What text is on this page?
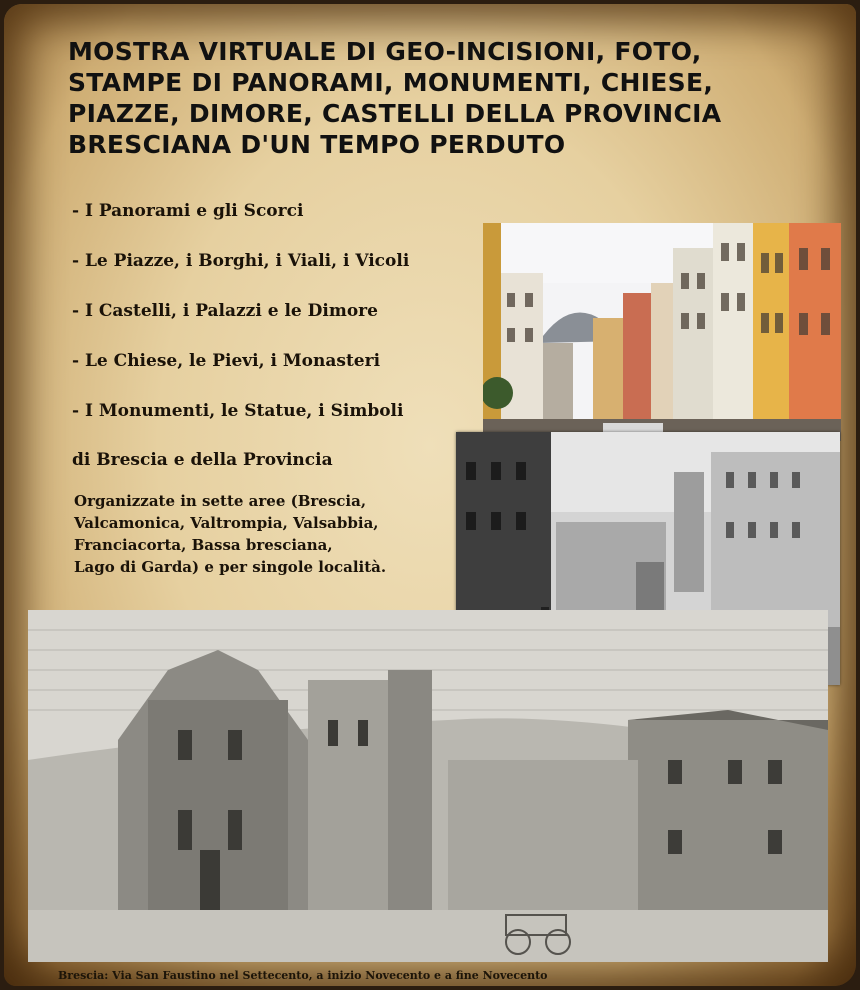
MOSTRA VIRTUALE DI GEO-INCISIONI, FOTO,
STAMPE DI PANORAMI, MONUMENTI, CHIESE,
PIAZZE, DIMORE, CASTELLI DELLA PROVINCIA
BRESCIANA D'UN TEMPO PERDUTO
- I Panorami e gli Scorci
- Le Piazze, i Borghi, i Viali, i Vicoli
- I Castelli, i Palazzi e le Dimore
- Le Chiese, le Pievi, i Monasteri
- I Monumenti, le Statue, i Simboli
di Brescia e della Provincia
Organizzate in sette aree (Brescia,
Valcamonica, Valtrompia, Valsabbia,
Franciacorta, Bassa bresciana,
Lago di Garda) e per singole località.
Brescia: Via San Faustino nel Settecento, a inizio Novecento e a fine Novecento
